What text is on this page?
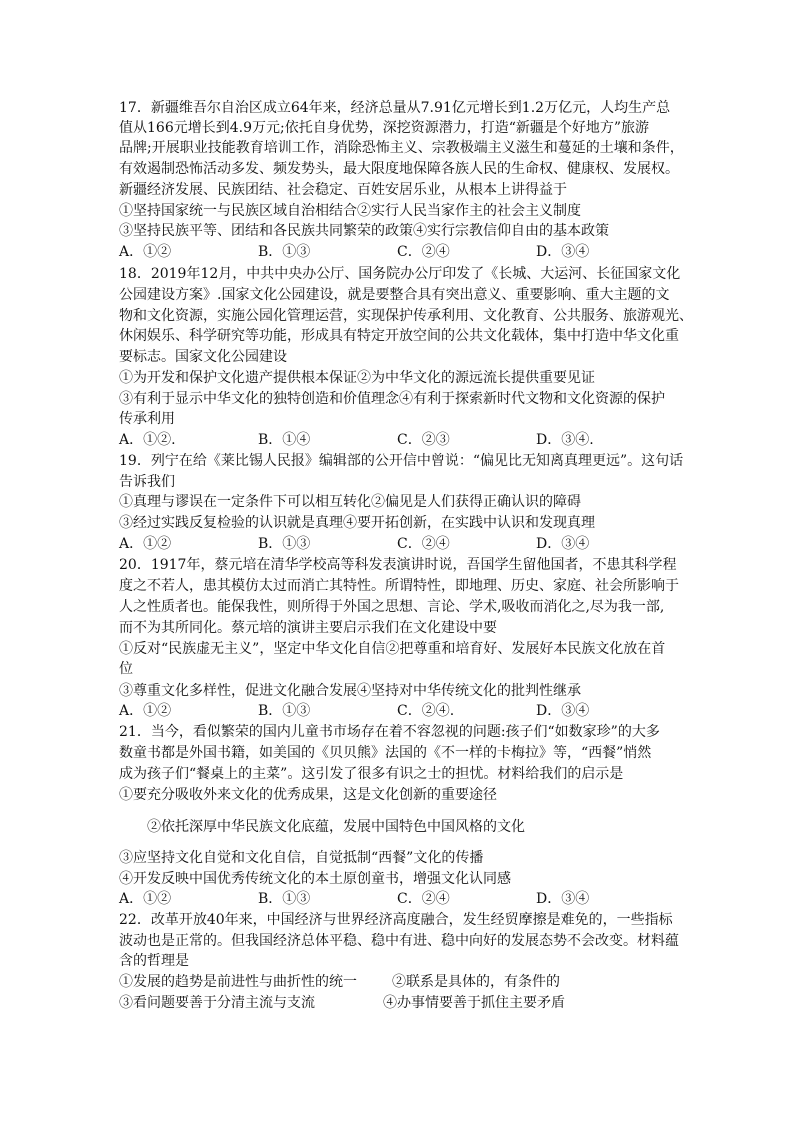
17．新疆维吾尔自治区成立64年来，经济总量从7.91亿元增长到1.2万亿元，人均生产总
值从166元增长到4.9万元;依托自身优势，深挖资源潜力，打造“新疆是个好地方”旅游
品牌;开展职业技能教育培训工作，消除恐怖主义、宗教极端主义滋生和蔓延的土壤和条件，
有效遏制恐怖活动多发、频发势头，最大限度地保障各族人民的生命权、健康权、发展权。
新疆经济发展、民族团结、社会稳定、百姓安居乐业，从根本上讲得益于
①坚持国家统一与民族区域自治相结合②实行人民当家作主的社会主义制度
③坚持民族平等、团结和各民族共同繁荣的政策④实行宗教信仰自由的基本政策
A．①②	B．①③	C．②④	D．③④
18．2019年12月，中共中央办公厅、国务院办公厅印发了《长城、大运河、长征国家文化
公园建设方案》.国家文化公园建设，就是要整合具有突出意义、重要影响、重大主题的文
物和文化资源，实施公园化管理运营，实现保护传承利用、文化教育、公共服务、旅游观光、
休闲娱乐、科学研究等功能，形成具有特定开放空间的公共文化载体，集中打造中华文化重
要标志。国家文化公园建设
①为开发和保护文化遗产提供根本保证②为中华文化的源远流长提供重要见证
③有利于显示中华文化的独特创造和价值理念④有利于探索新时代文物和文化资源的保护
传承利用
A．①②.	B．①④	C．②③	D．③④.
19．列宁在给《莱比锡人民报》编辑部的公开信中曾说：“偏见比无知离真理更远”。这句话
告诉我们
①真理与谬误在一定条件下可以相互转化②偏见是人们获得正确认识的障碍
③经过实践反复检验的认识就是真理④要开拓创新，在实践中认识和发现真理
A．①②	B．①③	C．②④	D．③④
20．1917年，蔡元培在清华学校高等科发表演讲时说，吾国学生留他国者，不患其科学程
度之不若人，患其模仿太过而消亡其特性。所谓特性，即地理、历史、家庭、社会所影响于
人之性质者也。能保我性，则所得于外国之思想、言论、学术,吸收而消化之,尽为我一部,
而不为其所同化。蔡元培的演讲主要启示我们在文化建设中要
①反对“民族虚无主义”，坚定中华文化自信②把尊重和培育好、发展好本民族文化放在首
位
③尊重文化多样性，促进文化融合发展④坚持对中华传统文化的批判性继承
A．①②	B．①③	C．②④.	D．③④
21．当今，看似繁荣的国内儿童书市场存在着不容忽视的问题:孩子们“如数家珍”的大多
数童书都是外国书籍，如美国的《贝贝熊》法国的《不一样的卡梅拉》等，“西餐”悄然
成为孩子们“餐桌上的主菜”。这引发了很多有识之士的担忧。材料给我们的启示是
①要充分吸收外来文化的优秀成果，这是文化创新的重要途径
②依托深厚中华民族文化底蕴，发展中国特色中国风格的文化
③应坚持文化自觉和文化自信，自觉抵制“西餐”文化的传播
④开发反映中国优秀传统文化的本土原创童书，增强文化认同感
A．①②	B．①③	C．②④	D．③④
22．改革开放40年来，中国经济与世界经济高度融合，发生经贸摩擦是难免的，一些指标
波动也是正常的。但我国经济总体平稳、稳中有进、稳中向好的发展态势不会改变。材料蕴
含的哲理是
①发展的趋势是前进性与曲折性的统一	②联系是具体的，有条件的
③看问题要善于分清主流与支流	④办事情要善于抓住主要矛盾
